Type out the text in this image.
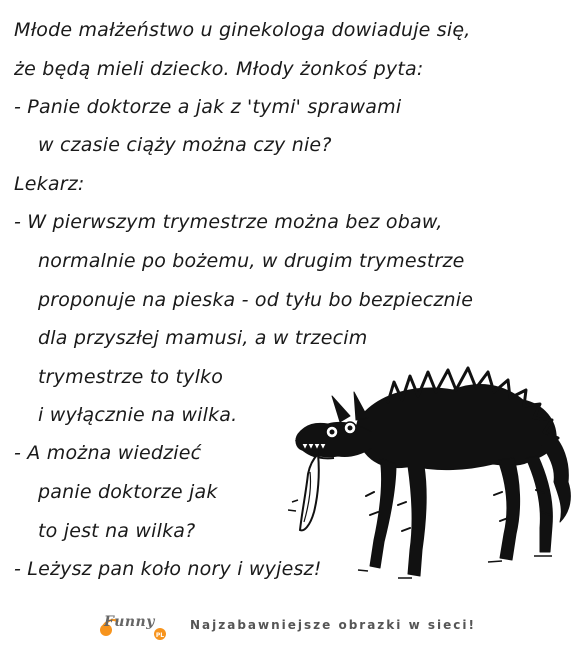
Młode małżeństwo u ginekologa dowiaduje się,
że będą mieli dziecko. Młody żonkoś pyta:
- Panie doktorze a jak z 'tymi' sprawami
w czasie ciąży można czy nie?
Lekarz:
- W pierwszym trymestrze można bez obaw,
normalnie po bożemu, w drugim trymestrze
proponuje na pieska - od tyłu bo bezpiecznie
dla przyszłej mamusi, a w trzecim
trymestrze to tylko
i wyłącznie na wilka.
- A można wiedzieć
panie doktorze jak
to jest na wilka?
- Leżysz pan koło nory i wyjesz!
PL
Funny	Najzabawniejsze obrazki w sieci!
